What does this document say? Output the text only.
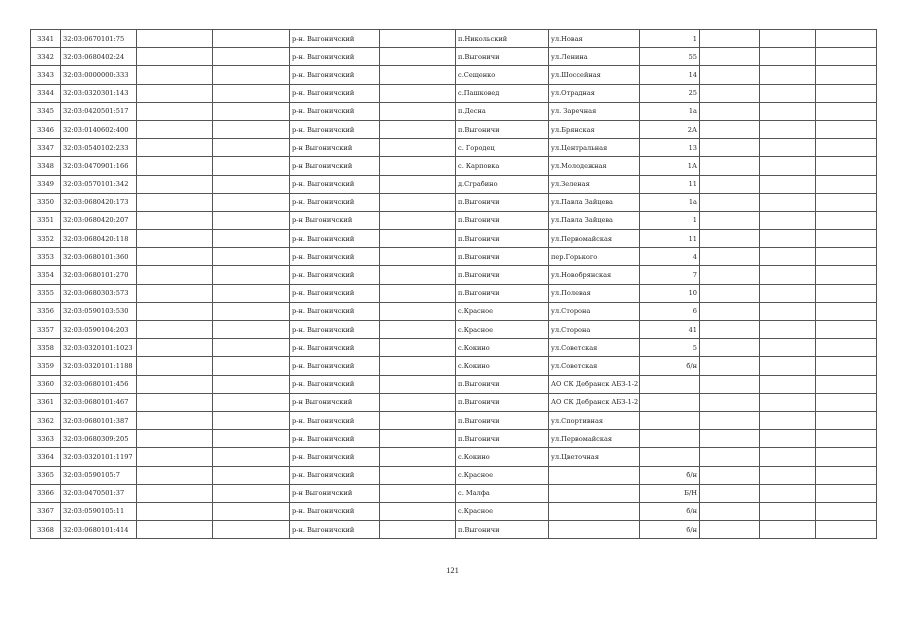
3341	32:03:0670101:75			р-н. Выгоничский		п.Никольский	ул.Новая	1			
3342	32:03:0680402:24			р-н. Выгоничский		п.Выгоничи	ул.Ленина	55			
3343	32:03:0000000:333			р-н. Выгоничский		с.Сещенко	ул.Шоссейная	14			
3344	32:03:0320301:143			р-н. Выгоничский		с.Пашковед	ул.Отрадная	25			
3345	32:03:0420501:517			р-н. Выгоничский		п.Десна	ул. Заречная	1а			
3346	32:03:0140602:400			р-н. Выгоничский		п.Выгоничи	ул.Брянская	2А			
3347	32:03:0540102:233			р-н Выгоничский		с. Городец	ул.Центральная	13			
3348	32:03:0470901:166			р-н Выгоничский		с. Карповка	ул.Молодежная	1А			
3349	32:03:0570101:342			р-н. Выгоничский		д.Сграбино	ул.Зеленая	11			
3350	32:03:0680420:173			р-н. Выгоничский		п.Выгоничи	ул.Павла Зайцева	1а			
3351	32:03:0680420:207			р-н Выгоничский		п.Выгоничи	ул.Павла Зайцева	1			
3352	32:03:0680420:118			р-н. Выгоничский		п.Выгоничи	ул.Первомайская	11			
3353	32:03:0680101:360			р-н. Выгоничский		п.Выгоничи	пер.Горького	4			
3354	32:03:0680101:270			р-н. Выгоничский		п.Выгоничи	ул.Новобрянская	7			
3355	32:03:0680303:573			р-н. Выгоничский		п.Выгоничи	ул.Полевая	10			
3356	32:03:0590103:530			р-н. Выгоничский		с.Красное	ул.Сторона	6			
3357	32:03:0590104:203			р-н. Выгоничский		с.Красное	ул.Сторона	41			
3358	32:03:0320101:1023			р-н. Выгоничский		с.Кокино	ул.Советская	5			
3359	32:03:0320101:1188			р-н. Выгоничский		с.Кокино	ул.Советская	б/н			
3360	32:03:0680101:456			р-н. Выгоничский		п.Выгоничи	АО СК Дебранск АБЗ-1-2				
3361	32:03:0680101:467			р-н Выгоничский		п.Выгоничи	АО СК Дебранск АБЗ-1-2				
3362	32:03:0680101:387			р-н. Выгоничский		п.Выгоничи	ул.Спортивная				
3363	32:03:0680309:205			р-н. Выгоничский		п.Выгоничи	ул.Первомайская				
3364	32:03:0320101:1197			р-н. Выгоничский		с.Кокино	ул.Цветочная				
3365	32:03:0590105:7			р-н. Выгоничский		с.Красное		б/н			
3366	32:03:0470501:37			р-н Выгоничский		с. Малфа		Б/Н			
3367	32:03:0590105:11			р-н. Выгоничский		с.Красное		б/н			
3368	32:03:0680101:414			р-н. Выгоничский		п.Выгоничи		б/н			
121
